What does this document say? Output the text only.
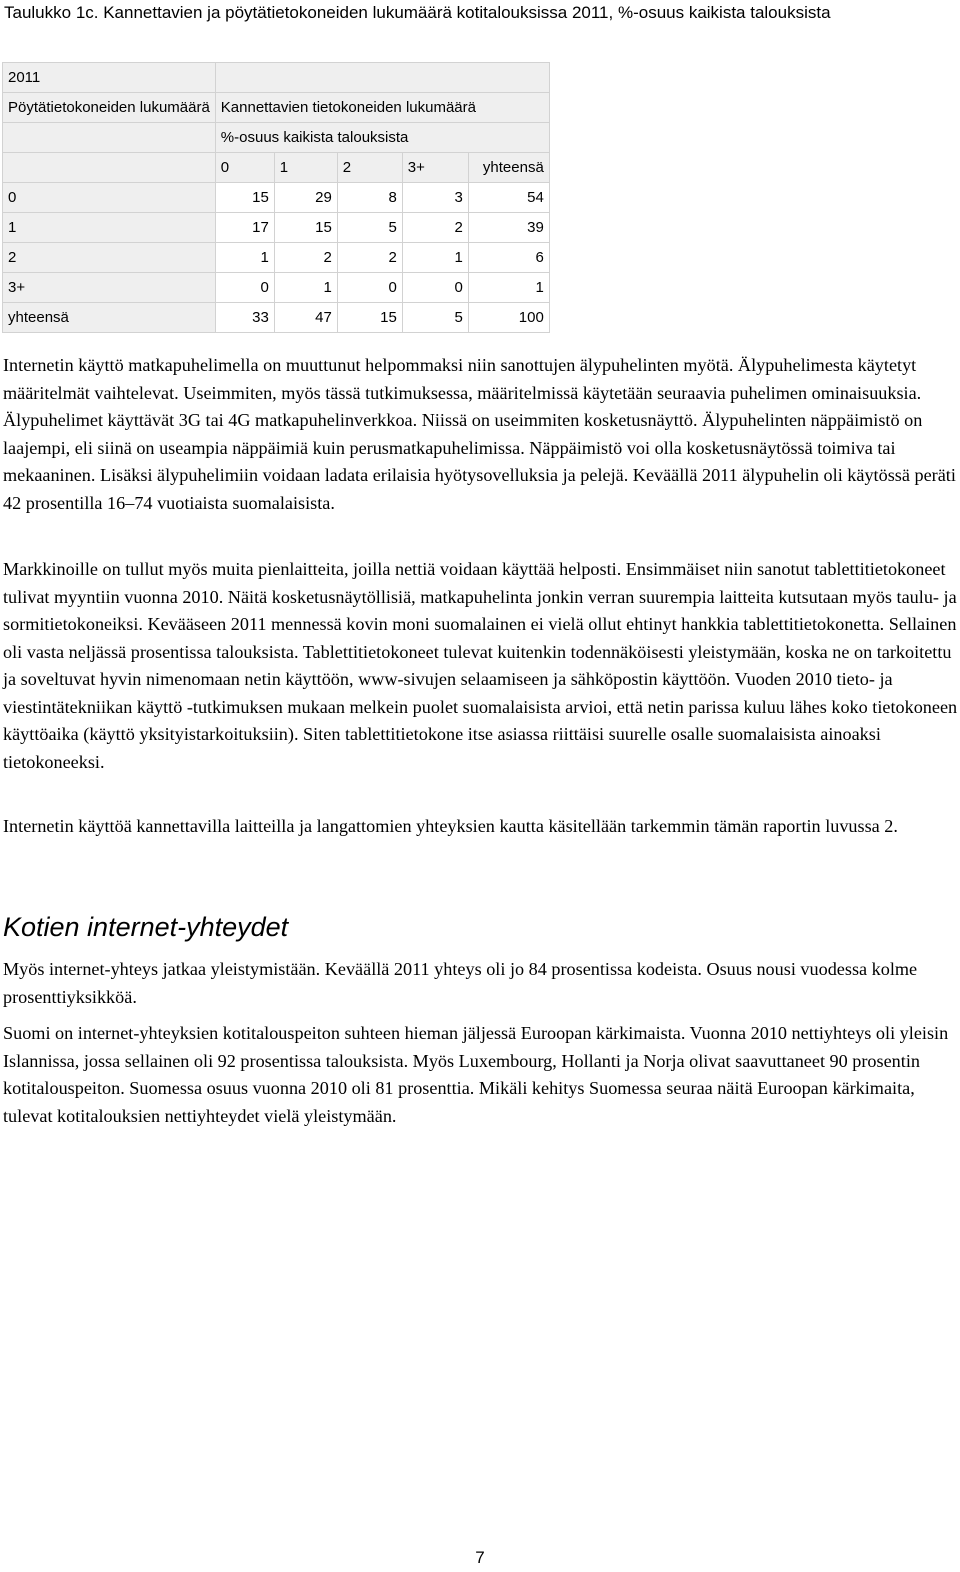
Taulukko 1c. Kannettavien ja pöytätietokoneiden lukumäärä kotitalouksissa 2011, %-osuus kaikista talouksista
2011					
Pöytätietokoneiden lukumäärä	Kannettavien tietokoneiden lukumäärä				
	%-osuus kaikista talouksista				
	0	1	2	3+	yhteensä
0	15	29	8	3	54
1	17	15	5	2	39
2	1	2	2	1	6
3+	0	1	0	0	1
yhteensä	33	47	15	5	100

Internetin käyttö matkapuhelimella on muuttunut helpommaksi niin sanottujen älypuhelinten myötä. Älypuhelimesta käytetyt määritelmät vaihtelevat. Useimmiten, myös tässä tutkimuksessa, määritelmissä käytetään seuraavia puhelimen ominaisuuksia. Älypuhelimet käyttävät 3G tai 4G matkapuhelinverkkoa. Niissä on useimmiten kosketusnäyttö. Älypuhelinten näppäimistö on laajempi, eli siinä on useampia näppäimiä kuin perusmatkapuhelimissa. Näppäimistö voi olla kosketusnäytössä toimiva tai mekaaninen. Lisäksi älypuhelimiin voidaan ladata erilaisia hyötysovelluksia ja pelejä. Keväällä 2011 älypuhelin oli käytössä peräti 42 prosentilla 16–74 vuotiaista suomalaisista.

Markkinoille on tullut myös muita pienlaitteita, joilla nettiä voidaan käyttää helposti. Ensimmäiset niin sanotut tablettitietokoneet tulivat myyntiin vuonna 2010. Näitä kosketusnäytöllisiä, matkapuhelinta jonkin verran suurempia laitteita kutsutaan myös taulu- ja sormitietokoneiksi. Kevääseen 2011 mennessä kovin moni suomalainen ei vielä ollut ehtinyt hankkia tablettitietokonetta. Sellainen oli vasta neljässä prosentissa talouksista. Tablettitietokoneet tulevat kuitenkin todennäköisesti yleistymään, koska ne on tarkoitettu ja soveltuvat hyvin nimenomaan netin käyttöön, www-sivujen selaamiseen ja sähköpostin käyttöön. Vuoden 2010 tieto- ja viestintätekniikan käyttö -tutkimuksen mukaan melkein puolet suomalaisista arvioi, että netin parissa kuluu lähes koko tietokoneen käyttöaika (käyttö yksityistarkoituksiin). Siten tablettitietokone itse asiassa riittäisi suurelle osalle suomalaisista ainoaksi tietokoneeksi.

Internetin käyttöä kannettavilla laitteilla ja langattomien yhteyksien kautta käsitellään tarkemmin tämän raportin luvussa 2.

Kotien internet-yhteydet

Myös internet-yhteys jatkaa yleistymistään. Keväällä 2011 yhteys oli jo 84 prosentissa kodeista. Osuus nousi vuodessa kolme prosenttiyksikköä.

Suomi on internet-yhteyksien kotitalouspeiton suhteen hieman jäljessä Euroopan kärkimaista. Vuonna 2010 nettiyhteys oli yleisin Islannissa, jossa sellainen oli 92 prosentissa talouksista. Myös Luxembourg, Hollanti ja Norja olivat saavuttaneet 90 prosentin kotitalouspeiton. Suomessa osuus vuonna 2010 oli 81 prosenttia. Mikäli kehitys Suomessa seuraa näitä Euroopan kärkimaita, tulevat kotitalouksien nettiyhteydet vielä yleistymään.

7
